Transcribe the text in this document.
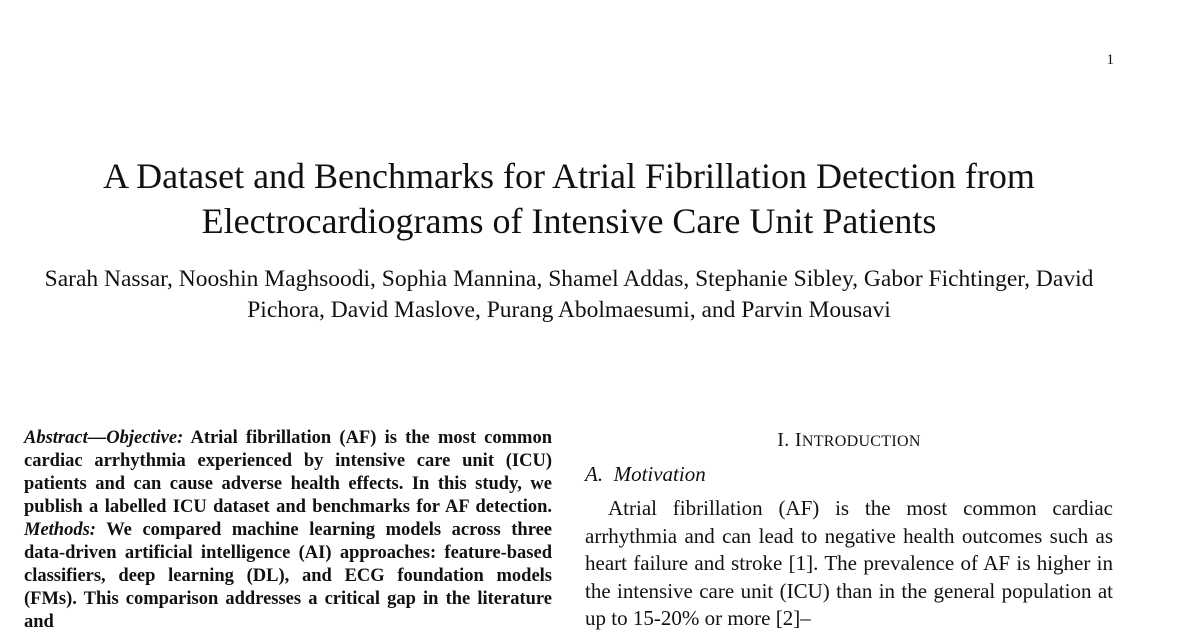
1
A Dataset and Benchmarks for Atrial Fibrillation Detection from Electrocardiograms of Intensive Care Unit Patients
Sarah Nassar, Nooshin Maghsoodi, Sophia Mannina, Shamel Addas, Stephanie Sibley, Gabor Fichtinger, David Pichora, David Maslove, Purang Abolmaesumi, and Parvin Mousavi

Abstract—Objective: Atrial fibrillation (AF) is the most common cardiac arrhythmia experienced by intensive care unit (ICU) patients and can cause adverse health effects. In this study, we publish a labelled ICU dataset and benchmarks for AF detection. Methods: We compared machine learning models across three data-driven artificial intelligence (AI) approaches: feature-based classifiers, deep learning (DL), and ECG foundation models (FMs). This comparison addresses a critical gap in the literature and

I. INTRODUCTION
A. Motivation

Atrial fibrillation (AF) is the most common cardiac arrhythmia and can lead to negative health outcomes such as heart failure and stroke [1]. The prevalence of AF is higher in the intensive care unit (ICU) than in the general population at up to 15-20% or more [2]–
